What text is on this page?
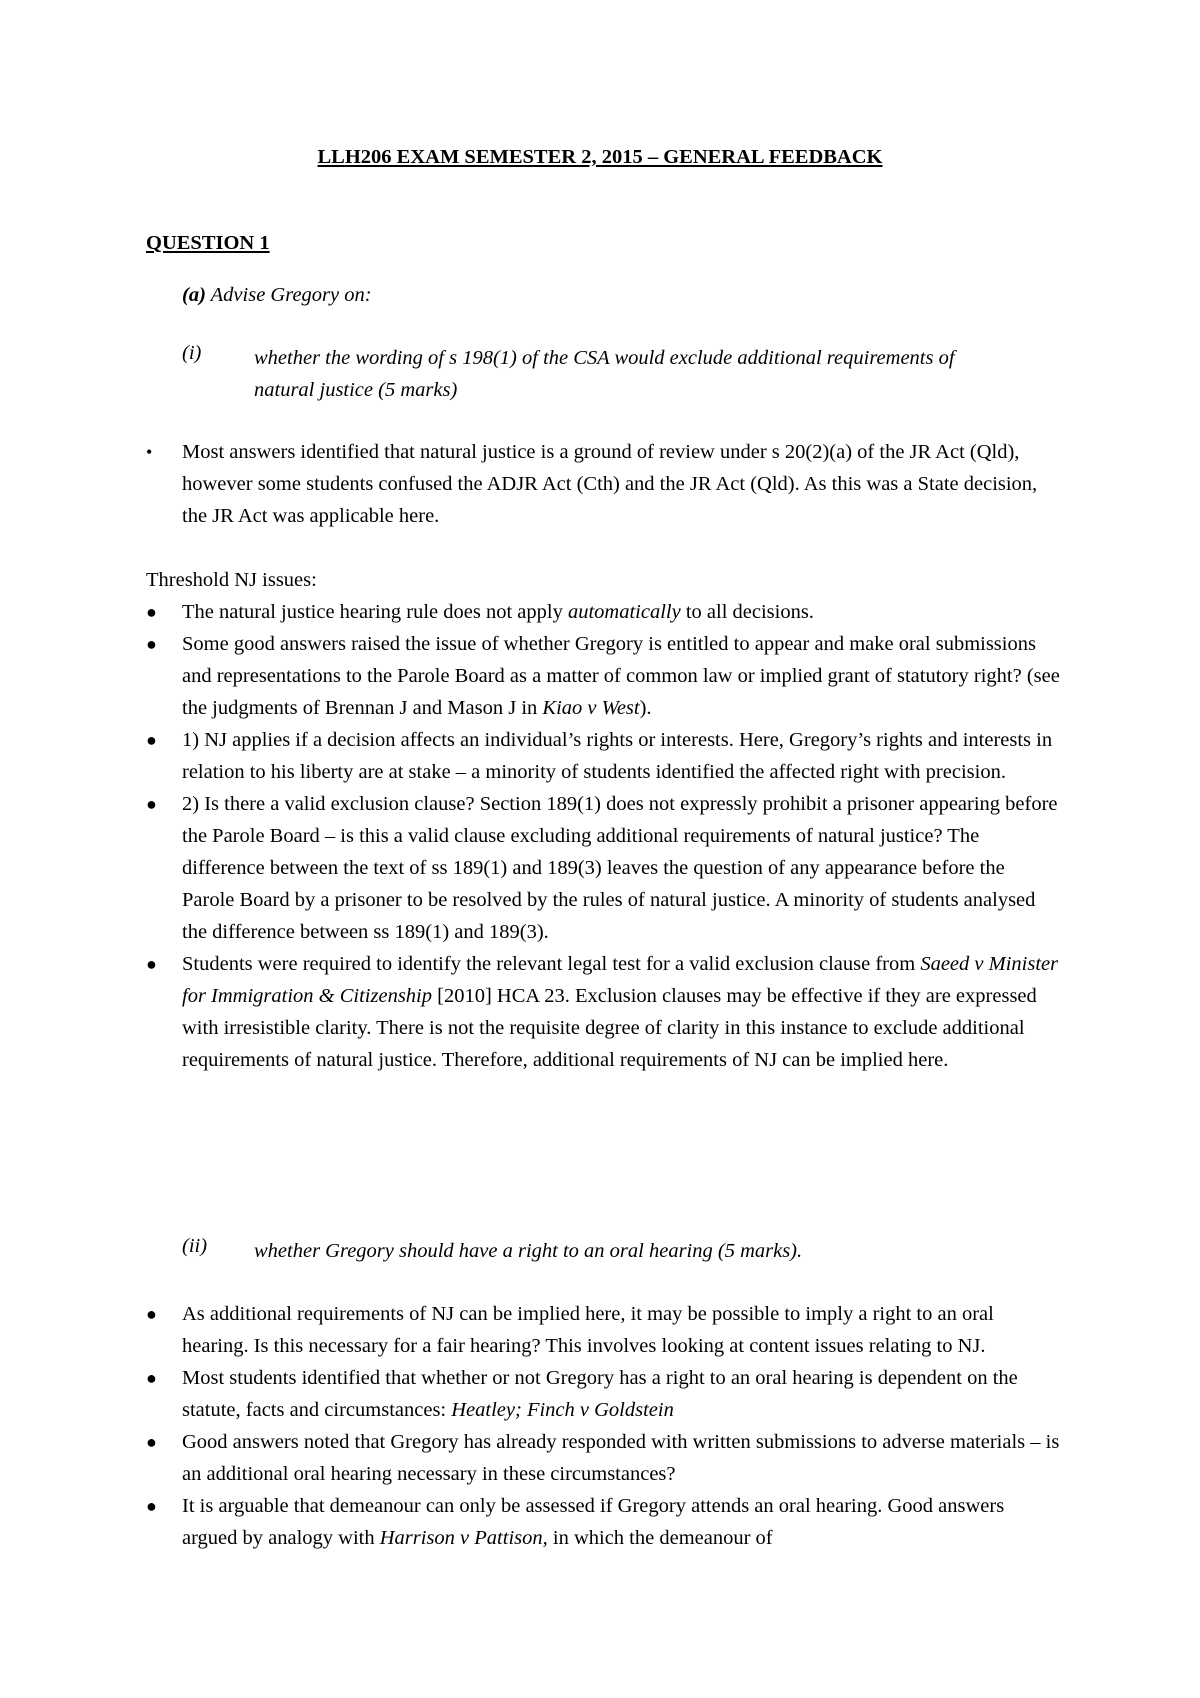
LLH206 EXAM SEMESTER 2, 2015 – GENERAL FEEDBACK
QUESTION 1
(a) Advise Gregory on:
(i)	whether the wording of s 198(1) of the CSA would exclude additional requirements of natural justice (5 marks)
• Most answers identified that natural justice is a ground of review under s 20(2)(a) of the JR Act (Qld), however some students confused the ADJR Act (Cth) and the JR Act (Qld). As this was a State decision, the JR Act was applicable here.
Threshold NJ issues:
● The natural justice hearing rule does not apply automatically to all decisions.
● Some good answers raised the issue of whether Gregory is entitled to appear and make oral submissions and representations to the Parole Board as a matter of common law or implied grant of statutory right? (see the judgments of Brennan J and Mason J in Kiao v West).
● 1) NJ applies if a decision affects an individual’s rights or interests. Here, Gregory’s rights and interests in relation to his liberty are at stake – a minority of students identified the affected right with precision.
● 2) Is there a valid exclusion clause? Section 189(1) does not expressly prohibit a prisoner appearing before the Parole Board – is this a valid clause excluding additional requirements of natural justice? The difference between the text of ss 189(1) and 189(3) leaves the question of any appearance before the Parole Board by a prisoner to be resolved by the rules of natural justice. A minority of students analysed the difference between ss 189(1) and 189(3).
● Students were required to identify the relevant legal test for a valid exclusion clause from Saeed v Minister for Immigration & Citizenship [2010] HCA 23. Exclusion clauses may be effective if they are expressed with irresistible clarity. There is not the requisite degree of clarity in this instance to exclude additional requirements of natural justice. Therefore, additional requirements of NJ can be implied here.
(ii) whether Gregory should have a right to an oral hearing (5 marks).
● As additional requirements of NJ can be implied here, it may be possible to imply a right to an oral hearing. Is this necessary for a fair hearing? This involves looking at content issues relating to NJ.
● Most students identified that whether or not Gregory has a right to an oral hearing is dependent on the statute, facts and circumstances: Heatley; Finch v Goldstein
● Good answers noted that Gregory has already responded with written submissions to adverse materials – is an additional oral hearing necessary in these circumstances?
● It is arguable that demeanour can only be assessed if Gregory attends an oral hearing. Good answers argued by analogy with Harrison v Pattison, in which the demeanour of
